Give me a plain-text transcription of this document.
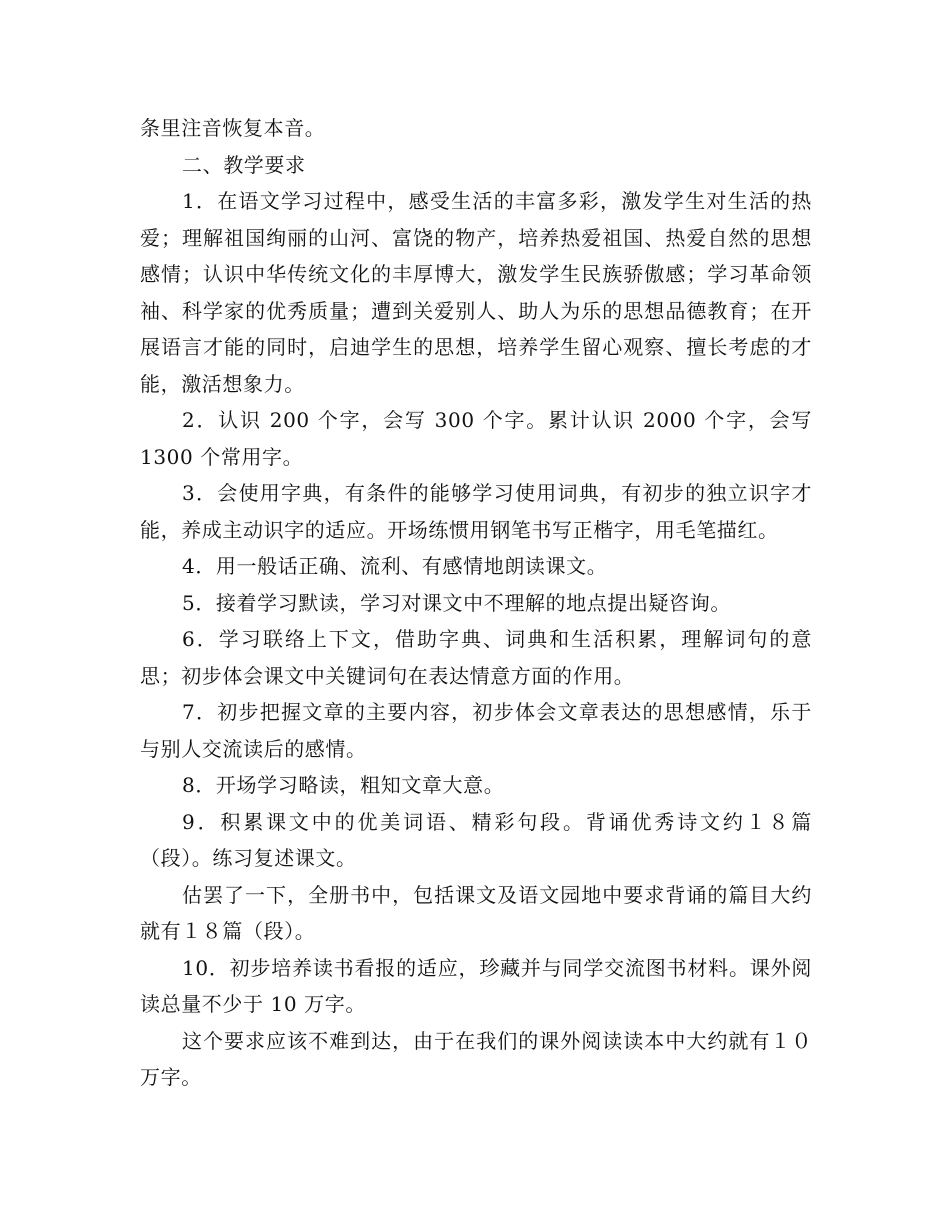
条里注音恢复本音。

二、教学要求

1．在语文学习过程中，感受生活的丰富多彩，激发学生对生活的热爱；理解祖国绚丽的山河、富饶的物产，培养热爱祖国、热爱自然的思想感情；认识中华传统文化的丰厚博大，激发学生民族骄傲感；学习革命领袖、科学家的优秀质量；遭到关爱别人、助人为乐的思想品德教育；在开展语言才能的同时，启迪学生的思想，培养学生留心观察、擅长考虑的才能，激活想象力。

2．认识 200 个字，会写 300 个字。累计认识 2000 个字，会写 1300 个常用字。

3．会使用字典，有条件的能够学习使用词典，有初步的独立识字才能，养成主动识字的适应。开场练惯用钢笔书写正楷字，用毛笔描红。

4．用一般话正确、流利、有感情地朗读课文。

5．接着学习默读，学习对课文中不理解的地点提出疑咨询。

6．学习联络上下文，借助字典、词典和生活积累，理解词句的意思；初步体会课文中关键词句在表达情意方面的作用。

7．初步把握文章的主要内容，初步体会文章表达的思想感情，乐于与别人交流读后的感情。

8．开场学习略读，粗知文章大意。

9．积累课文中的优美词语、精彩句段。背诵优秀诗文约１８篇（段）。练习复述课文。

估罢了一下，全册书中，包括课文及语文园地中要求背诵的篇目大约就有１８篇（段）。

10．初步培养读书看报的适应，珍藏并与同学交流图书材料。课外阅读总量不少于 10 万字。

这个要求应该不难到达，由于在我们的课外阅读读本中大约就有１０万字。
